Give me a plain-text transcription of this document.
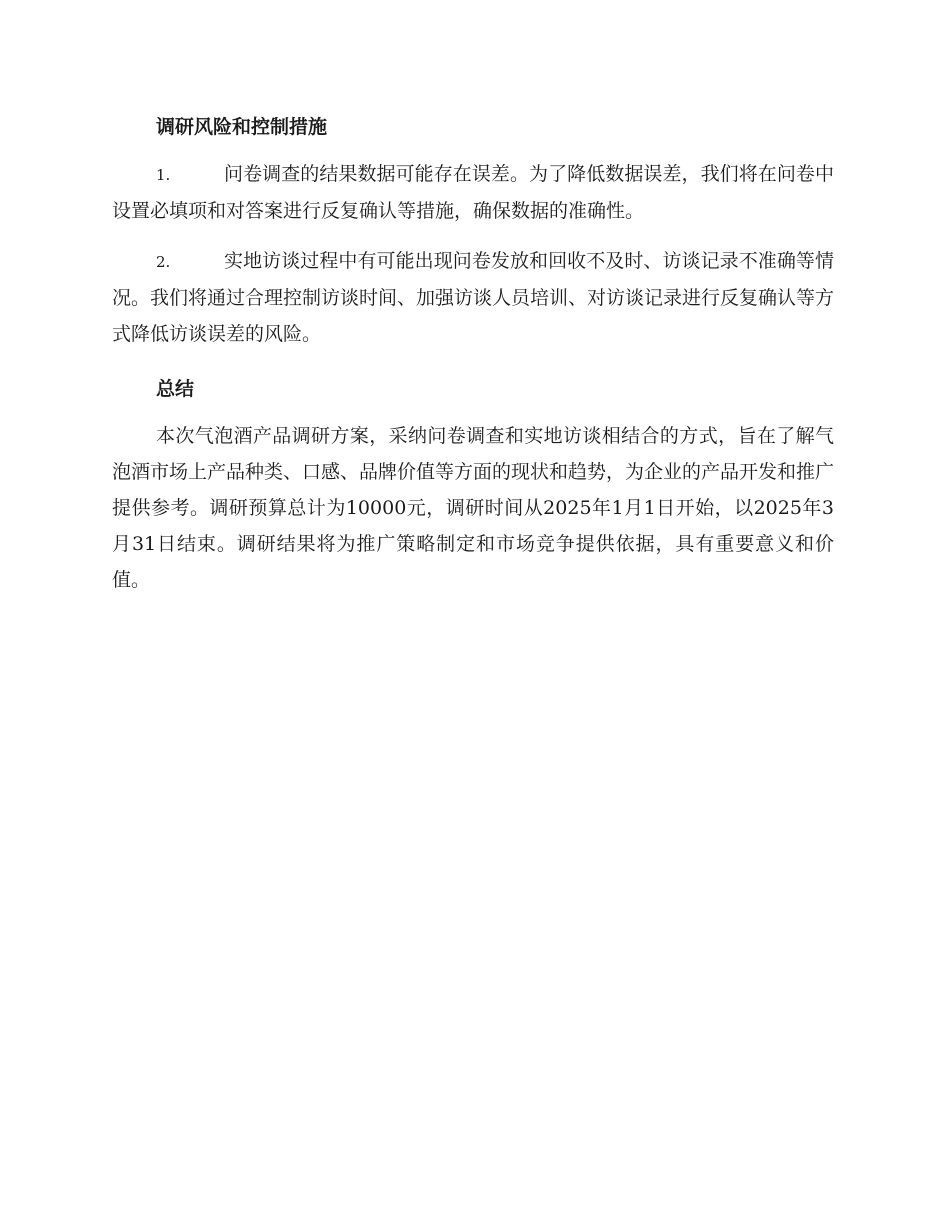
调研风险和控制措施

1.	问卷调查的结果数据可能存在误差。为了降低数据误差，我们将在问卷中设置必填项和对答案进行反复确认等措施，确保数据的准确性。

2.	实地访谈过程中有可能出现问卷发放和回收不及时、访谈记录不准确等情况。我们将通过合理控制访谈时间、加强访谈人员培训、对访谈记录进行反复确认等方式降低访谈误差的风险。

总结

本次气泡酒产品调研方案，采纳问卷调查和实地访谈相结合的方式，旨在了解气泡酒市场上产品种类、口感、品牌价值等方面的现状和趋势，为企业的产品开发和推广提供参考。调研预算总计为10000元，调研时间从2025年1月1日开始，以2025年3月31日结束。调研结果将为推广策略制定和市场竞争提供依据，具有重要意义和价值。
